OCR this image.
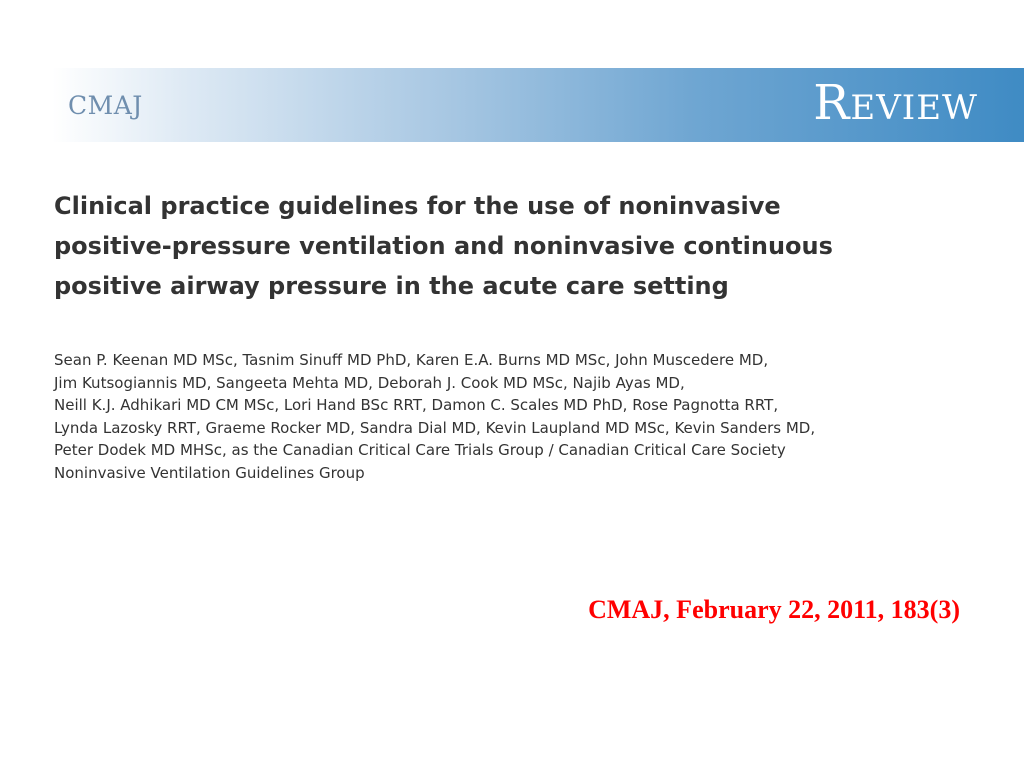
CMAJ	Review
Clinical practice guidelines for the use of noninvasive
positive-pressure ventilation and noninvasive continuous
positive airway pressure in the acute care setting
Sean P. Keenan MD MSc, Tasnim Sinuff MD PhD, Karen E.A. Burns MD MSc, John Muscedere MD,
Jim Kutsogiannis MD, Sangeeta Mehta MD, Deborah J. Cook MD MSc, Najib Ayas MD,
Neill K.J. Adhikari MD CM MSc, Lori Hand BSc RRT, Damon C. Scales MD PhD, Rose Pagnotta RRT,
Lynda Lazosky RRT, Graeme Rocker MD, Sandra Dial MD, Kevin Laupland MD MSc, Kevin Sanders MD,
Peter Dodek MD MHSc, as the Canadian Critical Care Trials Group / Canadian Critical Care Society
Noninvasive Ventilation Guidelines Group
CMAJ, February 22, 2011, 183(3)
